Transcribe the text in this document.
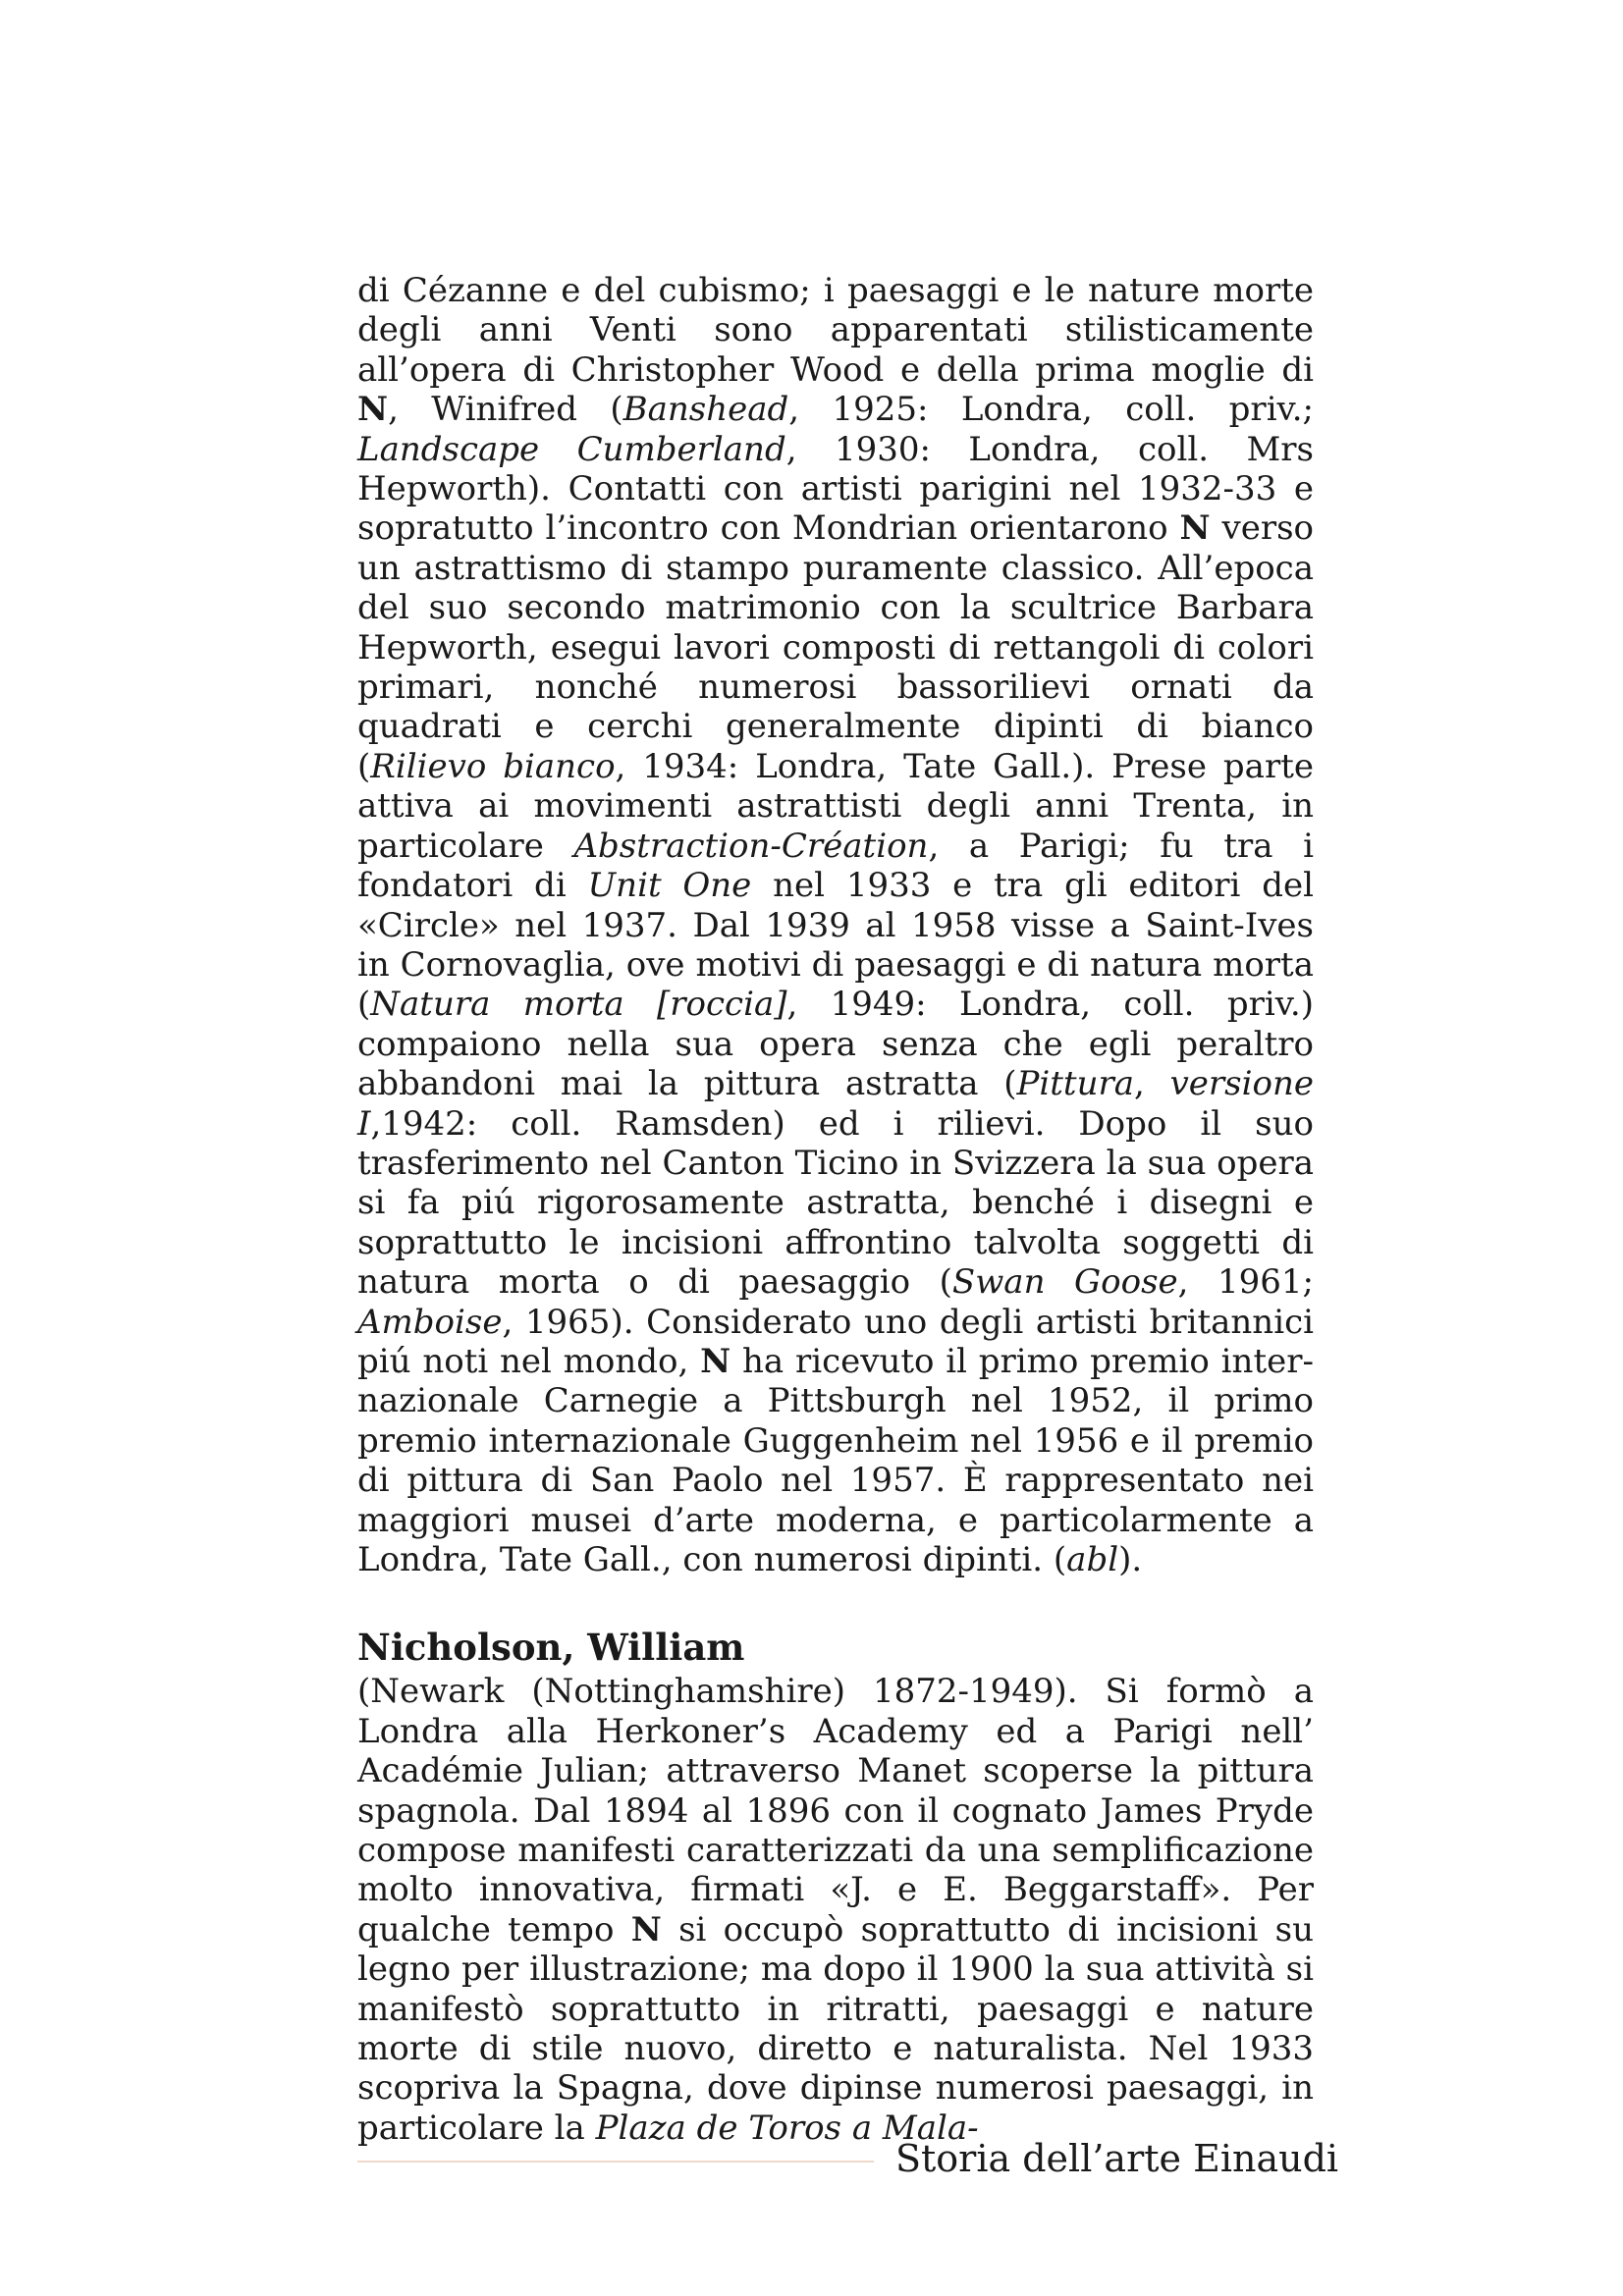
di Cézanne e del cubismo; i paesaggi e le nature morte degli anni Venti sono apparentati stilisticamente all’opera di Christopher Wood e della prima moglie di N, Winifred (Banshead, 1925: Londra, coll. priv.; Landscape Cumberland, 1930: Londra, coll. Mrs Hepworth). Contatti con artisti parigini nel 1932-33 e sopratutto l’incontro con Mondrian orientarono N verso un astrattismo di stampo puramente classico. All’epoca del suo secondo matrimonio con la scultrice Barbara Hepworth, esegui lavori composti di rettangoli di colori primari, nonché numerosi bassorilievi ornati da quadrati e cerchi generalmente dipinti di bianco (Rilievo bianco, 1934: Londra, Tate Gall.). Prese parte attiva ai movimenti astrattisti degli anni Trenta, in particolare Abstraction-Création, a Parigi; fu tra i fondatori di Unit One nel 1933 e tra gli editori del «Circle» nel 1937. Dal 1939 al 1958 visse a Saint-Ives in Cornovaglia, ove motivi di paesaggi e di natura morta (Natura morta [roccia], 1949: Londra, coll. priv.) compaiono nella sua opera senza che egli peraltro abbandoni mai la pittura astratta (Pittura, versione I,1942: coll. Ramsden) ed i rilievi. Dopo il suo trasferimento nel Canton Ticino in Svizzera la sua opera si fa piú rigorosamente astratta, benché i disegni e soprattutto le incisioni affrontino talvolta soggetti di natura morta o di paesaggio (Swan Goose, 1961; Amboise, 1965). Considerato uno degli artisti britannici piú noti nel mondo, N ha ricevuto il primo premio internazionale Carnegie a Pittsburgh nel 1952, il primo premio internazionale Guggenheim nel 1956 e il premio di pittura di San Paolo nel 1957. È rappresentato nei maggiori musei d’arte moderna, e particolarmente a Londra, Tate Gall., con numerosi dipinti. (abl).

Nicholson, William

(Newark (Nottinghamshire) 1872-1949). Si formò a Londra alla Herkoner’s Academy ed a Parigi nell’ Académie Julian; attraverso Manet scoperse la pittura spagnola. Dal 1894 al 1896 con il cognato James Pryde compose manifesti caratterizzati da una semplificazione molto innovativa, firmati «J. e E. Beggarstaff». Per qualche tempo N si occupò soprattutto di incisioni su legno per illustrazione; ma dopo il 1900 la sua attività si manifestò soprattutto in ritratti, paesaggi e nature morte di stile nuovo, diretto e naturalista. Nel 1933 scopriva la Spagna, dove dipinse numerosi paesaggi, in particolare la Plaza de Toros a Mala-

Storia dell’arte Einaudi
